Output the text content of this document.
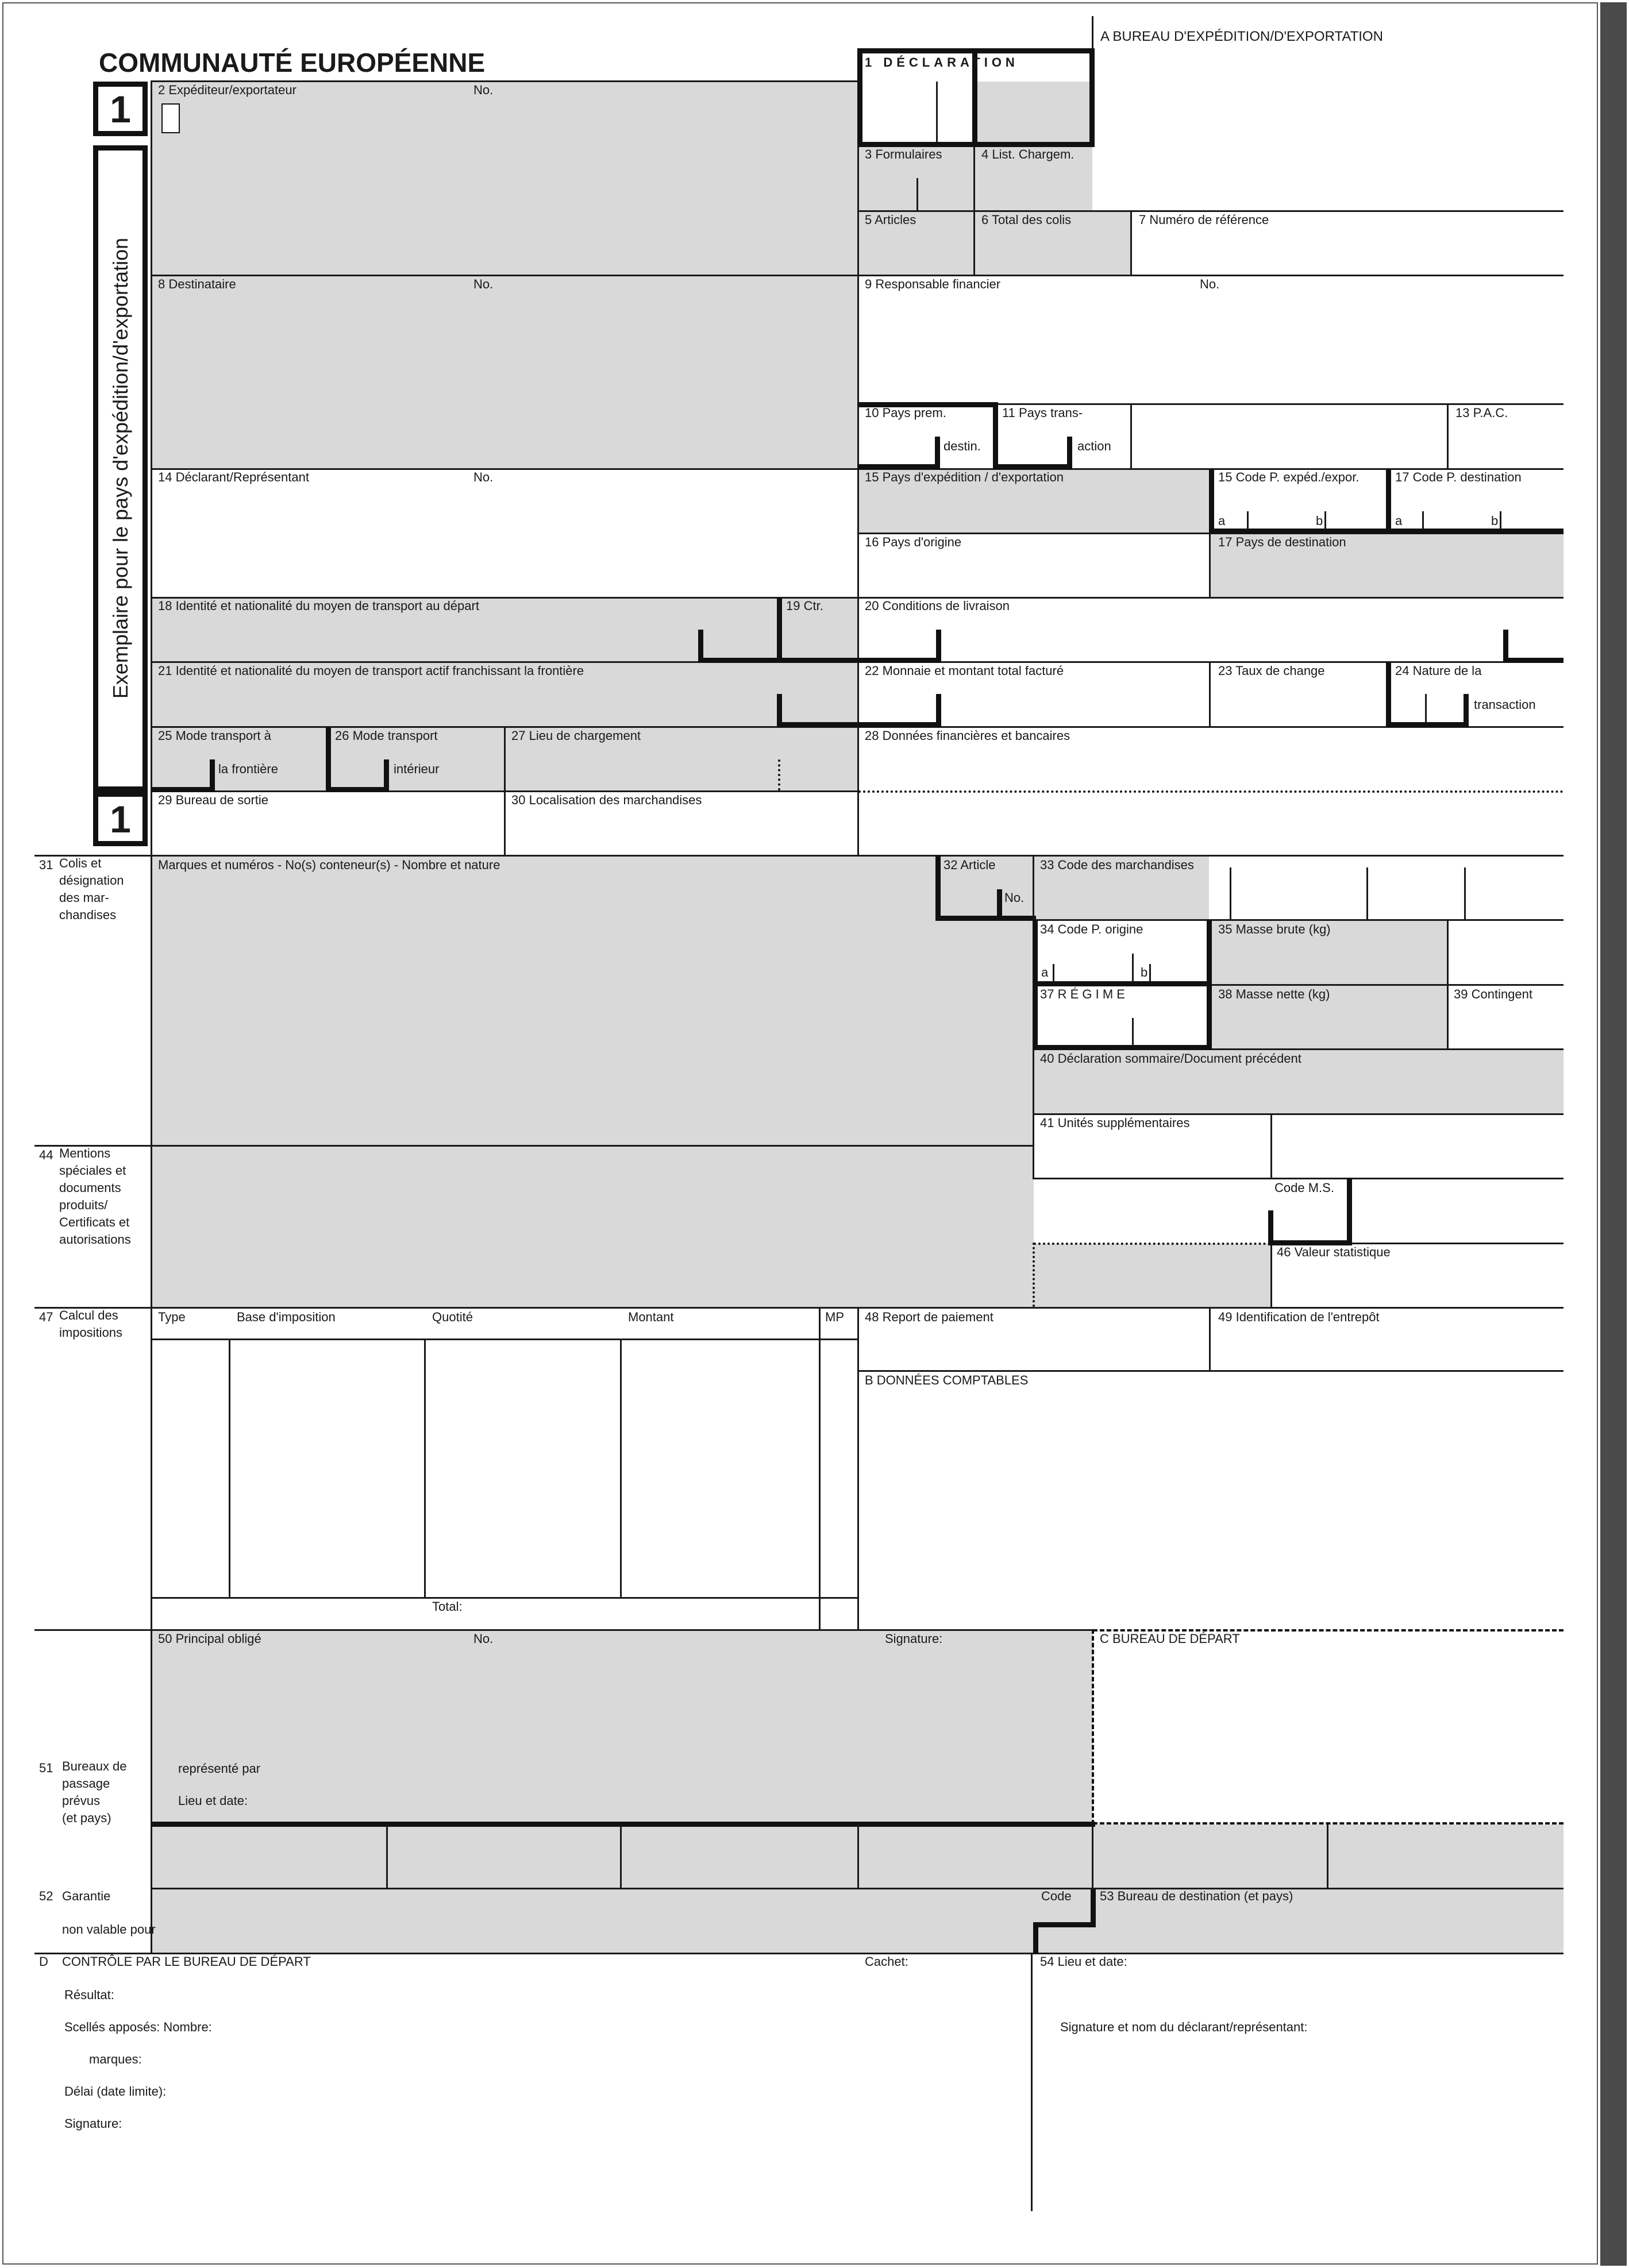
1
Exemplaire pour le pays d'expédition/d'exportation
1
COMMUNAUTÉ EUROPÉENNE
A BUREAU D'EXPÉDITION/D'EXPORTATION
1 DÉCLARATION
2 Expéditeur/exportateur	No.
3 Formulaires	4 List. Chargem.
5 Articles	6 Total des colis	7 Numéro de référence
8 Destinataire	No.	9 Responsable financier	No.
10 Pays prem.
destin.
11 Pays trans-
action
13 P.A.C.
14 Déclarant/Représentant	No.	15 Pays d'expédition / d'exportation	15 Code P. expéd./expor.	17 Code P. destination
a	b	a	b
16 Pays d'origine	17 Pays de destination
18 Identité et nationalité du moyen de transport au départ	19 Ctr.	20 Conditions de livraison
21 Identité et nationalité du moyen de transport actif franchissant la frontière	22 Monnaie et montant total facturé	23 Taux de change	24 Nature de la
transaction
25 Mode transport à
la frontière
26 Mode transport
intérieur
27 Lieu de chargement	28 Données financières et bancaires
29 Bureau de sortie	30 Localisation des marchandises
31 Colis et
désignation
des mar-
chandises
Marques et numéros - No(s) conteneur(s) - Nombre et nature	32 Article
No.
33 Code des marchandises
34 Code P. origine
a	b
35 Masse brute (kg)
37 R É G I M E	38 Masse nette (kg)	39 Contingent
40 Déclaration sommaire/Document précédent
41 Unités supplémentaires
44 Mentions
spéciales et
documents
produits/
Certificats et
autorisations
Code M.S.
46 Valeur statistique
47 Calcul des
impositions
Type	Base d'imposition	Quotité	Montant	MP
Total:
48 Report de paiement	49 Identification de l'entrepôt
B DONNÉES COMPTABLES
50 Principal obligé	No.	Signature:	C BUREAU DE DÉPART
51 Bureaux de
passage
prévus
(et pays)
représenté par
Lieu et date:
52 Garantie
non valable pour
Code 53 Bureau de destination (et pays)
D CONTRÔLE PAR LE BUREAU DE DÉPART	Cachet:
Résultat:
Scellés apposés: Nombre:
marques:
Délai (date limite):
Signature:
54 Lieu et date:
Signature et nom du déclarant/représentant:
